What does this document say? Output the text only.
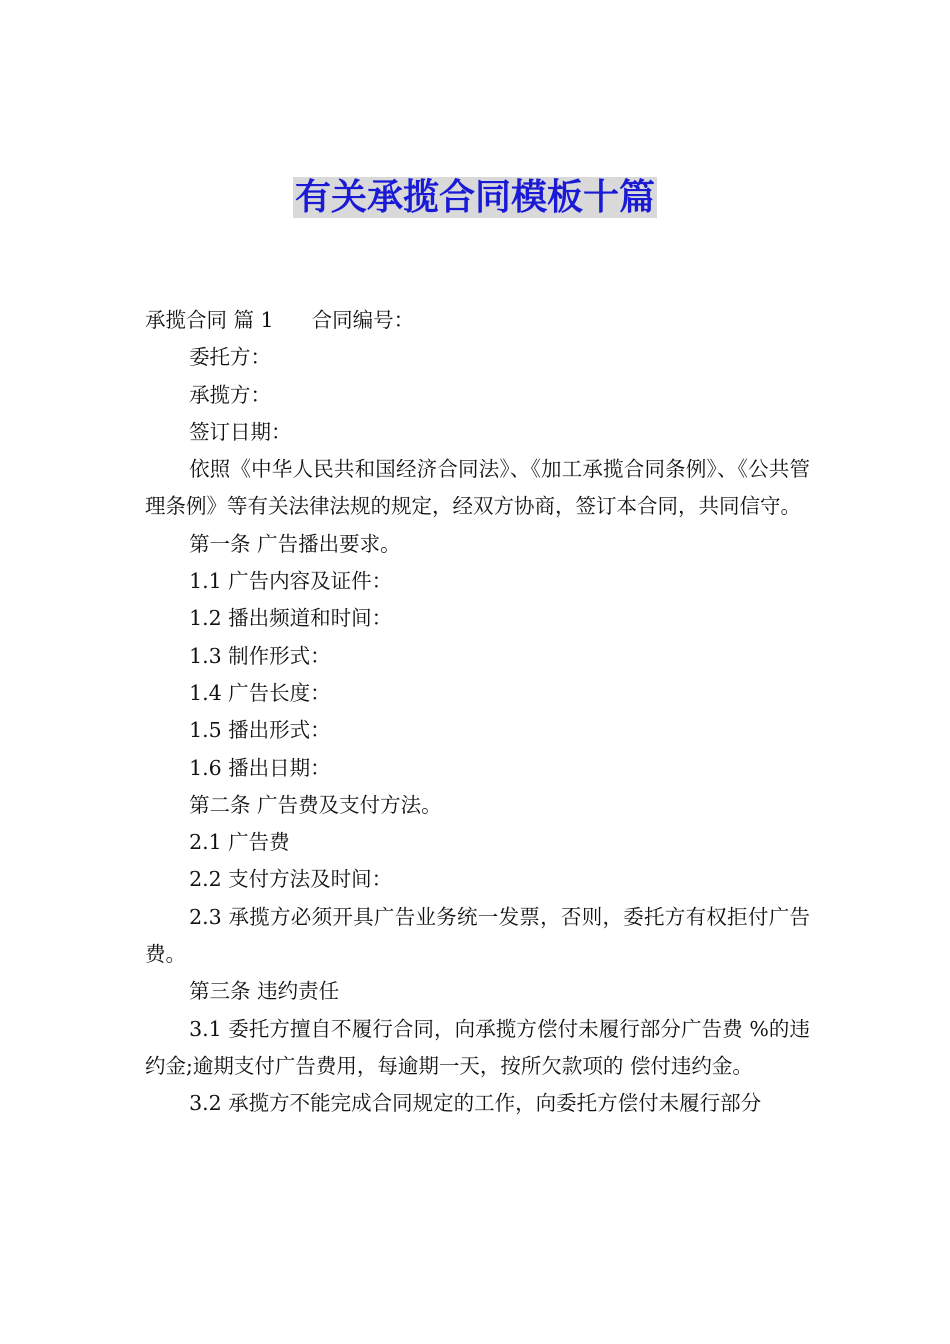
有关承揽合同模板十篇

承揽合同 篇 1 合同编号：

委托方：

承揽方：

签订日期：

依照《中华人民共和国经济合同法》、《加工承揽合同条例》、《公共管理条例》等有关法律法规的规定，经双方协商，签订本合同，共同信守。

第一条 广告播出要求。

1.1 广告内容及证件：

1.2 播出频道和时间：

1.3 制作形式：

1.4 广告长度：

1.5 播出形式：

1.6 播出日期：

第二条 广告费及支付方法。

2.1 广告费

2.2 支付方法及时间：

2.3 承揽方必须开具广告业务统一发票，否则，委托方有权拒付广告费。

第三条 违约责任

3.1 委托方擅自不履行合同，向承揽方偿付未履行部分广告费 %的违约金;逾期支付广告费用，每逾期一天，按所欠款项的 偿付违约金。

3.2 承揽方不能完成合同规定的工作，向委托方偿付未履行部分
